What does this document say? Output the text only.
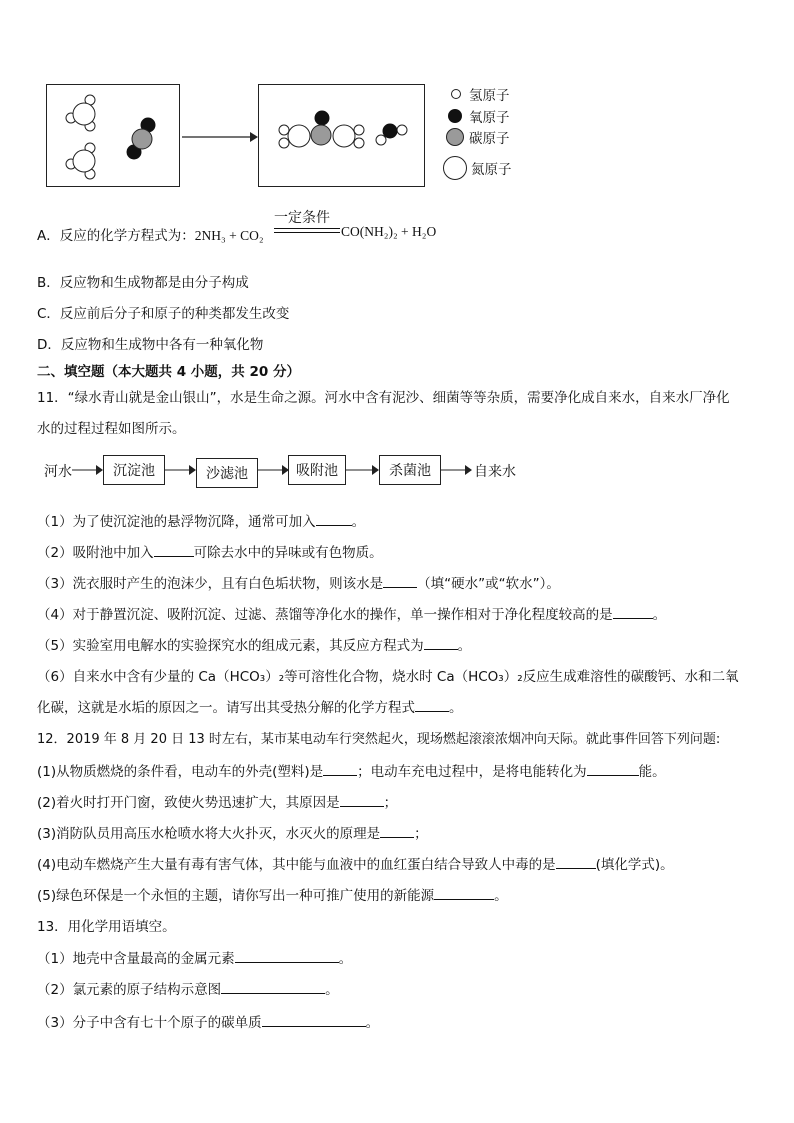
氢原子
氧原子
碳原子
氮原子
A．反应的化学方程式为：2NH₃ + CO₂
一定条件
CO(NH₂)₂ + H₂O
B．反应物和生成物都是由分子构成
C．反应前后分子和原子的种类都发生改变
D．反应物和生成物中各有一种氧化物
二、填空题（本大题共 4 小题，共 20 分）
11．“绿水青山就是金山银山”，水是生命之源。河水中含有泥沙、细菌等等杂质，需要净化成自来水，自来水厂净化
水的过程过程如图所示。
河水	沉淀池	沙滤池	吸附池	杀菌池	自来水
（1）为了使沉淀池的悬浮物沉降，通常可加入	。
（2）吸附池中加入	可除去水中的异味或有色物质。
（3）洗衣服时产生的泡沫少，且有白色垢状物，则该水是	（填“硬水”或“软水”）。
（4）对于静置沉淀、吸附沉淀、过滤、蒸馏等净化水的操作，单一操作相对于净化程度较高的是	。
（5）实验室用电解水的实验探究水的组成元素，其反应方程式为	。
（6）自来水中含有少量的 Ca（HCO₃）₂等可溶性化合物，烧水时 Ca（HCO₃）₂反应生成难溶性的碳酸钙、水和二氧
化碳，这就是水垢的原因之一。请写出其受热分解的化学方程式	。
12．2019 年 8 月 20 日 13 时左右，某市某电动车行突然起火，现场燃起滚滚浓烟冲向天际。就此事件回答下列问题:
(1)从物质燃烧的条件看，电动车的外壳(塑料)是	；电动车充电过程中，是将电能转化为	能。
(2)着火时打开门窗，致使火势迅速扩大，其原因是	；
(3)消防队员用高压水枪喷水将大火扑灭，水灭火的原理是	；
(4)电动车燃烧产生大量有毒有害气体，其中能与血液中的血红蛋白结合导致人中毒的是	(填化学式)。
(5)绿色环保是一个永恒的主题，请你写出一种可推广使用的新能源	。
13．用化学用语填空。
（1）地壳中含量最高的金属元素	。
（2）氯元素的原子结构示意图	。
（3）分子中含有七十个原子的碳单质	。
